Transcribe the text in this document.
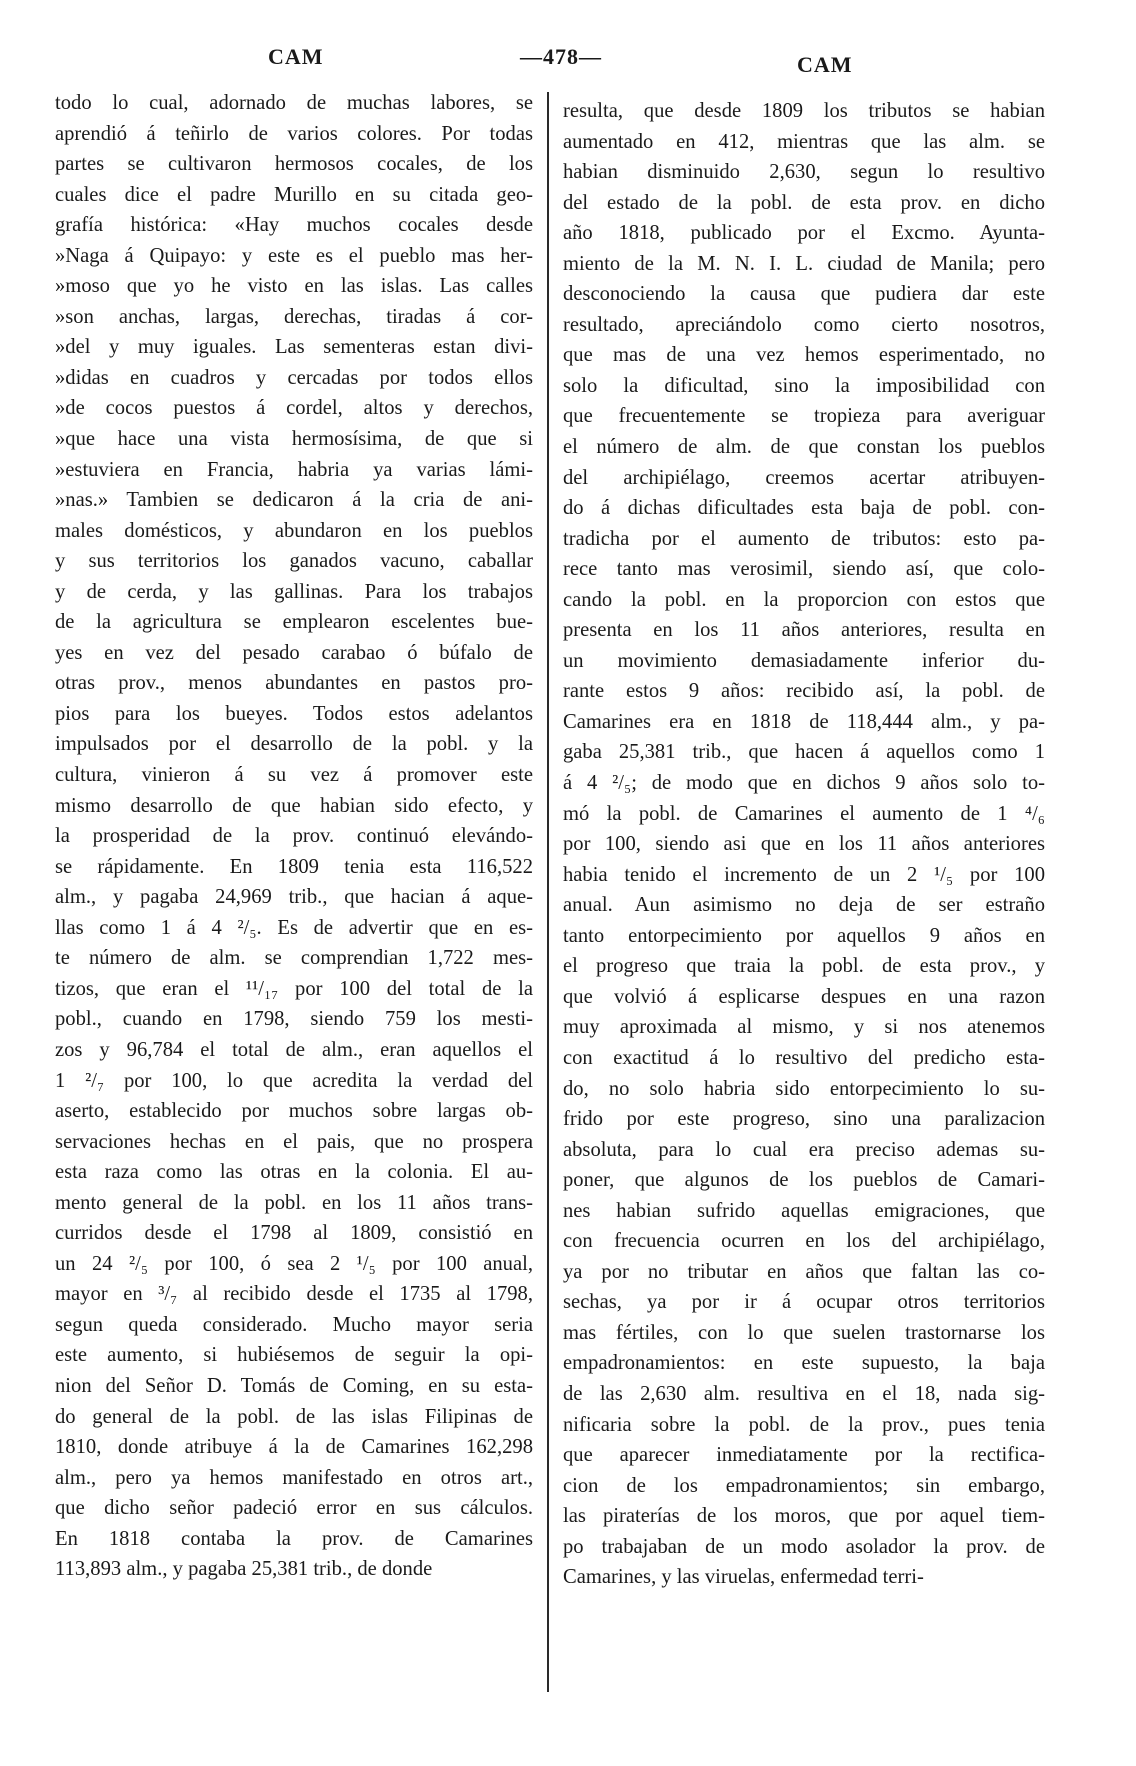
CAM	—478—	CAM
todo lo cual, adornado de muchas labores, se
aprendió á teñirlo de varios colores. Por todas
partes se cultivaron hermosos cocales, de los
cuales dice el padre Murillo en su citada geo-
grafía histórica: «Hay muchos cocales desde
»Naga á Quipayo: y este es el pueblo mas her-
»moso que yo he visto en las islas. Las calles
»son anchas, largas, derechas, tiradas á cor-
»del y muy iguales. Las sementeras estan divi-
»didas en cuadros y cercadas por todos ellos
»de cocos puestos á cordel, altos y derechos,
»que hace una vista hermosísima, de que si
»estuviera en Francia, habria ya varias lámi-
»nas.» Tambien se dedicaron á la cria de ani-
males domésticos, y abundaron en los pueblos
y sus territorios los ganados vacuno, caballar
y de cerda, y las gallinas. Para los trabajos
de la agricultura se emplearon escelentes bue-
yes en vez del pesado carabao ó búfalo de
otras prov., menos abundantes en pastos pro-
pios para los bueyes. Todos estos adelantos
impulsados por el desarrollo de la pobl. y la
cultura, vinieron á su vez á promover este
mismo desarrollo de que habian sido efecto, y
la prosperidad de la prov. continuó elevándo-
se rápidamente. En 1809 tenia esta 116,522
alm., y pagaba 24,969 trib., que hacian á aque-
llas como 1 á 4 ²/₅. Es de advertir que en es-
te número de alm. se comprendian 1,722 mes-
tizos, que eran el ¹¹/₁₇ por 100 del total de la
pobl., cuando en 1798, siendo 759 los mesti-
zos y 96,784 el total de alm., eran aquellos el
1 ²/₇ por 100, lo que acredita la verdad del
aserto, establecido por muchos sobre largas ob-
servaciones hechas en el pais, que no prospera
esta raza como las otras en la colonia. El au-
mento general de la pobl. en los 11 años trans-
curridos desde el 1798 al 1809, consistió en
un 24 ²/₅ por 100, ó sea 2 ¹/₅ por 100 anual,
mayor en ³/₇ al recibido desde el 1735 al 1798,
segun queda considerado. Mucho mayor seria
este aumento, si hubiésemos de seguir la opi-
nion del Señor D. Tomás de Coming, en su esta-
do general de la pobl. de las islas Filipinas de
1810, donde atribuye á la de Camarines 162,298
alm., pero ya hemos manifestado en otros art.,
que dicho señor padeció error en sus cálculos.
En 1818 contaba la prov. de Camarines
113,893 alm., y pagaba 25,381 trib., de donde
resulta, que desde 1809 los tributos se habian
aumentado en 412, mientras que las alm. se
habian disminuido 2,630, segun lo resultivo
del estado de la pobl. de esta prov. en dicho
año 1818, publicado por el Excmo. Ayunta-
miento de la M. N. I. L. ciudad de Manila; pero
desconociendo la causa que pudiera dar este
resultado, apreciándolo como cierto nosotros,
que mas de una vez hemos esperimentado, no
solo la dificultad, sino la imposibilidad con
que frecuentemente se tropieza para averiguar
el número de alm. de que constan los pueblos
del archipiélago, creemos acertar atribuyen-
do á dichas dificultades esta baja de pobl. con-
tradicha por el aumento de tributos: esto pa-
rece tanto mas verosimil, siendo así, que colo-
cando la pobl. en la proporcion con estos que
presenta en los 11 años anteriores, resulta en
un movimiento demasiadamente inferior du-
rante estos 9 años: recibido así, la pobl. de
Camarines era en 1818 de 118,444 alm., y pa-
gaba 25,381 trib., que hacen á aquellos como 1
á 4 ²/₅; de modo que en dichos 9 años solo to-
mó la pobl. de Camarines el aumento de 1 ⁴/₆
por 100, siendo asi que en los 11 años anteriores
habia tenido el incremento de un 2 ¹/₅ por 100
anual. Aun asimismo no deja de ser estraño
tanto entorpecimiento por aquellos 9 años en
el progreso que traia la pobl. de esta prov., y
que volvió á esplicarse despues en una razon
muy aproximada al mismo, y si nos atenemos
con exactitud á lo resultivo del predicho esta-
do, no solo habria sido entorpecimiento lo su-
frido por este progreso, sino una paralizacion
absoluta, para lo cual era preciso ademas su-
poner, que algunos de los pueblos de Camari-
nes habian sufrido aquellas emigraciones, que
con frecuencia ocurren en los del archipiélago,
ya por no tributar en años que faltan las co-
sechas, ya por ir á ocupar otros territorios
mas fértiles, con lo que suelen trastornarse los
empadronamientos: en este supuesto, la baja
de las 2,630 alm. resultiva en el 18, nada sig-
nificaria sobre la pobl. de la prov., pues tenia
que aparecer inmediatamente por la rectifica-
cion de los empadronamientos; sin embargo,
las piraterías de los moros, que por aquel tiem-
po trabajaban de un modo asolador la prov. de
Camarines, y las viruelas, enfermedad terri-
